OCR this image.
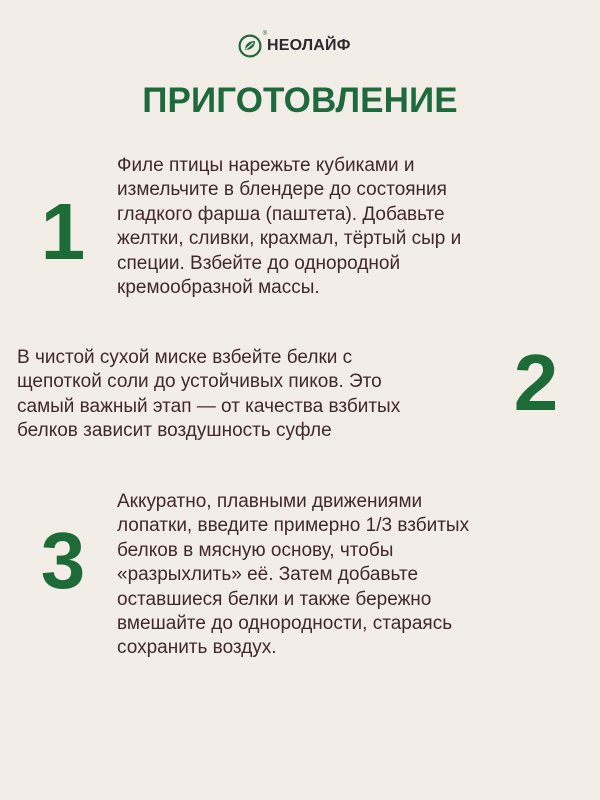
®
НЕОЛАЙФ
ПРИГОТОВЛЕНИЕ
1
Филе птицы нарежьте кубиками и
измельчите в блендере до состояния
гладкого фарша (паштета). Добавьте
желтки, сливки, крахмал, тёртый сыр и
специи. Взбейте до однородной
кремообразной массы.
В чистой сухой миске взбейте белки с
щепоткой соли до устойчивых пиков. Это
самый важный этап — от качества взбитых
белков зависит воздушность суфле
2
3
Аккуратно, плавными движениями
лопатки, введите примерно 1/3 взбитых
белков в мясную основу, чтобы
«разрыхлить» её. Затем добавьте
оставшиеся белки и также бережно
вмешайте до однородности, стараясь
сохранить воздух.
